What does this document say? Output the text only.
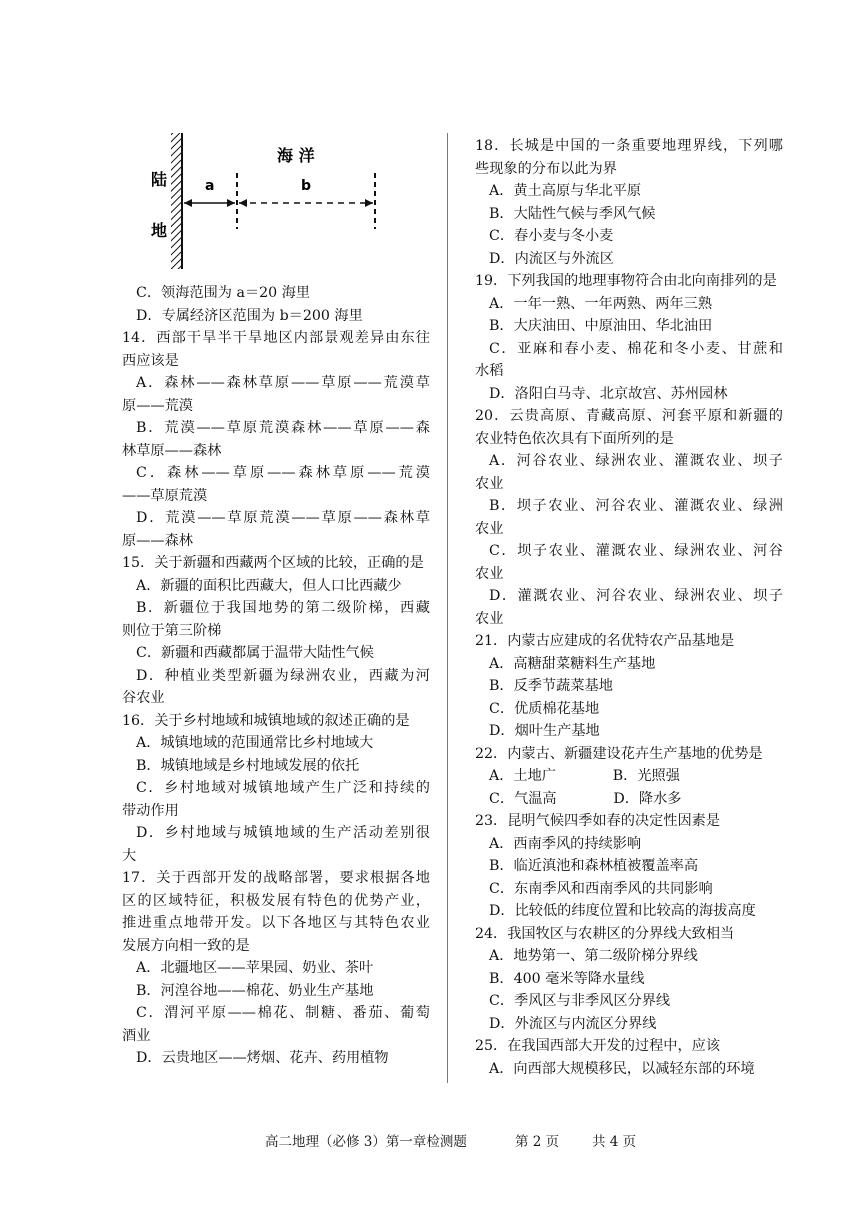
陆
地
海 洋
a	b
C．领海范围为 a＝20 海里
D．专属经济区范围为 b＝200 海里
14．西部干旱半干旱地区内部景观差异由东往
西应该是
A．森林——森林草原——草原——荒漠草
原——荒漠
B．荒漠——草原荒漠森林——草原——森
林草原——森林
C．森林——草原——森林草原——荒漠
——草原荒漠
D．荒漠——草原荒漠——草原——森林草
原——森林
15．关于新疆和西藏两个区域的比较，正确的是
A．新疆的面积比西藏大，但人口比西藏少
B．新疆位于我国地势的第二级阶梯，西藏
则位于第三阶梯
C．新疆和西藏都属于温带大陆性气候
D．种植业类型新疆为绿洲农业，西藏为河
谷农业
16．关于乡村地域和城镇地域的叙述正确的是
A．城镇地域的范围通常比乡村地域大
B．城镇地域是乡村地域发展的依托
C．乡村地域对城镇地域产生广泛和持续的
带动作用
D．乡村地域与城镇地域的生产活动差别很
大
17．关于西部开发的战略部署，要求根据各地
区的区域特征，积极发展有特色的优势产业，
推进重点地带开发。以下各地区与其特色农业
发展方向相一致的是
A．北疆地区——苹果园、奶业、茶叶
B．河湟谷地——棉花、奶业生产基地
C．渭河平原——棉花、制糖、番茄、葡萄
酒业
D．云贵地区——烤烟、花卉、药用植物
18．长城是中国的一条重要地理界线，下列哪
些现象的分布以此为界
A．黄土高原与华北平原
B．大陆性气候与季风气候
C．春小麦与冬小麦
D．内流区与外流区
19．下列我国的地理事物符合由北向南排列的是
A．一年一熟、一年两熟、两年三熟
B．大庆油田、中原油田、华北油田
C．亚麻和春小麦、棉花和冬小麦、甘蔗和
水稻
D．洛阳白马寺、北京故宫、苏州园林
20．云贵高原、青藏高原、河套平原和新疆的
农业特色依次具有下面所列的是
A．河谷农业、绿洲农业、灌溉农业、坝子
农业
B．坝子农业、河谷农业、灌溉农业、绿洲
农业
C．坝子农业、灌溉农业、绿洲农业、河谷
农业
D．灌溉农业、河谷农业、绿洲农业、坝子
农业
21．内蒙古应建成的名优特农产品基地是
A．高糖甜菜糖料生产基地
B．反季节蔬菜基地
C．优质棉花基地
D．烟叶生产基地
22．内蒙古、新疆建设花卉生产基地的优势是
A．土地广　　　　B．光照强
C．气温高　　　　D．降水多
23．昆明气候四季如春的决定性因素是
A．西南季风的持续影响
B．临近滇池和森林植被覆盖率高
C．东南季风和西南季风的共同影响
D．比较低的纬度位置和比较高的海拔高度
24．我国牧区与农耕区的分界线大致相当
A．地势第一、第二级阶梯分界线
B．400 毫米等降水量线
C．季风区与非季风区分界线
D．外流区与内流区分界线
25．在我国西部大开发的过程中，应该
A．向西部大规模移民，以减轻东部的环境
高二地理（必修 3）第一章检测题	第 2 页 共 4 页
